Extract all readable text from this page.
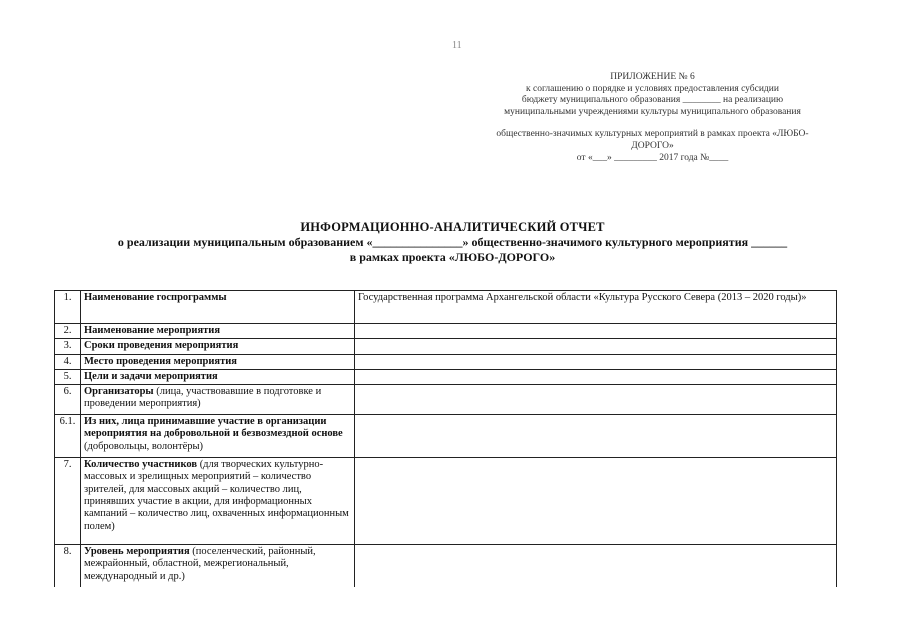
11
ПРИЛОЖЕНИЕ № 6
к соглашению о порядке и условиях предоставления субсидии
бюджету муниципального образования ________ на реализацию
муниципальными учреждениями культуры муниципального образования
общественно-значимых культурных мероприятий в рамках проекта «ЛЮБО-
ДОРОГО»
от «___» _________ 2017 года №____
ИНФОРМАЦИОННО-АНАЛИТИЧЕСКИЙ ОТЧЕТ
о реализации муниципальным образованием «_______________» общественно-значимого культурного мероприятия ______
в рамках проекта «ЛЮБО-ДОРОГО»
1.	Наименование госпрограммы	Государственная программа Архангельской области «Культура Русского Севера (2013 – 2020 годы)»
2.	Наименование мероприятия	
3.	Сроки проведения мероприятия	
4.	Место проведения мероприятия	
5.	Цели и задачи мероприятия	
6.	Организаторы (лица, участвовавшие в подготовке и проведении мероприятия)	
6.1.	Из них, лица принимавшие участие в организации мероприятия на добровольной и безвозмездной основе (добровольцы, волонтёры)	
7.	Количество участников (для творческих культурно-массовых и зрелищных мероприятий – количество зрителей, для массовых акций – количество лиц, принявших участие в акции, для информационных кампаний – количество лиц, охваченных информационным полем)	
8.	Уровень мероприятия (поселенческий, районный, межрайонный, областной, межрегиональный, международный и др.)	
